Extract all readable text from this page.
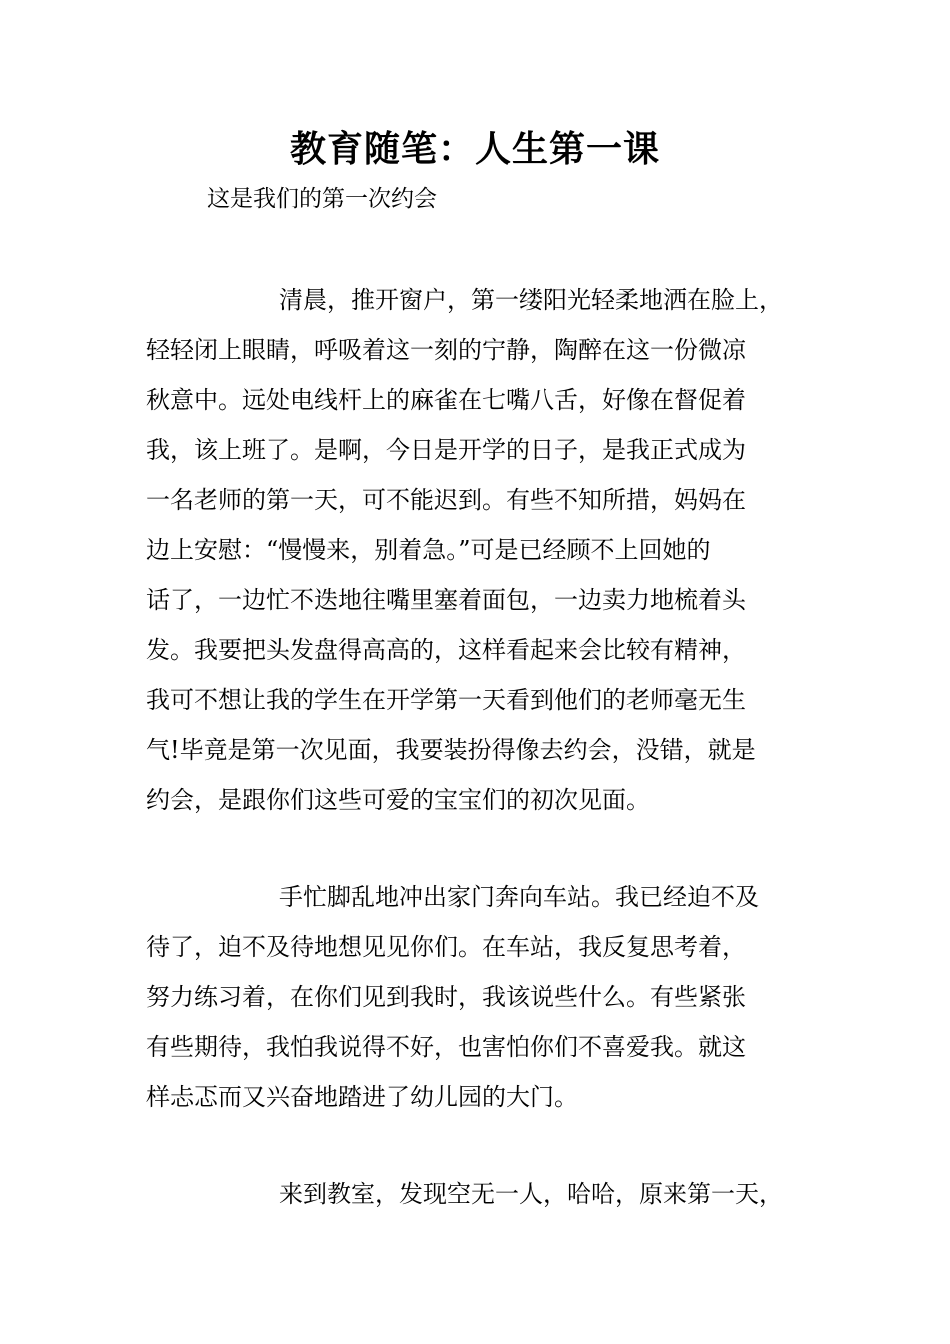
教育随笔：人生第一课
这是我们的第一次约会
清晨，推开窗户，第一缕阳光轻柔地洒在脸上，
轻轻闭上眼睛，呼吸着这一刻的宁静，陶醉在这一份微凉
秋意中。远处电线杆上的麻雀在七嘴八舌，好像在督促着
我，该上班了。是啊，今日是开学的日子，是我正式成为
一名老师的第一天，可不能迟到。有些不知所措，妈妈在
边上安慰：“慢慢来，别着急。”可是已经顾不上回她的
话了，一边忙不迭地往嘴里塞着面包，一边卖力地梳着头
发。我要把头发盘得高高的，这样看起来会比较有精神，
我可不想让我的学生在开学第一天看到他们的老师毫无生
气!毕竟是第一次见面，我要装扮得像去约会，没错，就是
约会，是跟你们这些可爱的宝宝们的初次见面。
手忙脚乱地冲出家门奔向车站。我已经迫不及
待了，迫不及待地想见见你们。在车站，我反复思考着，
努力练习着，在你们见到我时，我该说些什么。有些紧张
有些期待，我怕我说得不好，也害怕你们不喜爱我。就这
样忐忑而又兴奋地踏进了幼儿园的大门。
来到教室，发现空无一人，哈哈，原来第一天，
